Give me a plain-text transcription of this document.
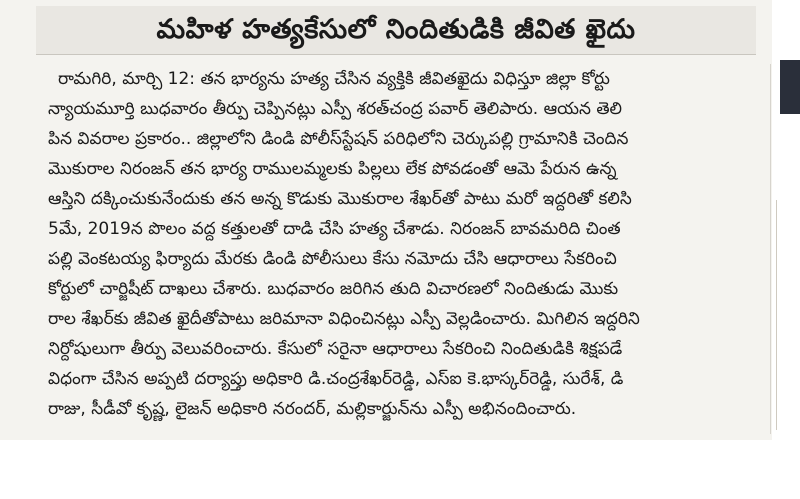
మహిళ హత్యకేసులో నిందితుడికి జీవిత ఖైదు
రామగిరి, మార్చి 12: తన భార్యను హత్య చేసిన వ్యక్తికి జీవితఖైదు విధిస్తూ జిల్లా కోర్టు
న్యాయమూర్తి బుధవారం తీర్పు చెప్పినట్లు ఎస్పీ శరత్‌చంద్ర పవార్ తెలిపారు. ఆయన తెలి
పిన వివరాల ప్రకారం.. జిల్లాలోని డిండి పోలీస్‌స్టేషన్ పరిధిలోని చెర్కుపల్లి గ్రామానికి చెందిన
మొకురాల నిరంజన్ తన భార్య రాములమ్మలకు పిల్లలు లేక పోవడంతో ఆమె పేరున ఉన్న
ఆస్తిని దక్కించుకునేందుకు తన అన్న కొడుకు మొకురాల శేఖర్‌తో పాటు మరో ఇద్దరితో కలిసి
5మే, 2019న పొలం వద్ద కత్తులతో దాడి చేసి హత్య చేశాడు. నిరంజన్ బావమరిది చింత
పల్లి వెంకటయ్య ఫిర్యాదు మేరకు డిండి పోలీసులు కేసు నమోదు చేసి ఆధారాలు సేకరించి
కోర్టులో చార్జిషీట్ దాఖలు చేశారు. బుధవారం జరిగిన తుది విచారణలో నిందితుడు మొకు
రాల శేఖర్‌కు జీవిత ఖైదీతోపాటు జరిమానా విధించినట్లు ఎస్పీ వెల్లడించారు. మిగిలిన ఇద్దరిని
నిర్దోషులుగా తీర్పు వెలువరించారు. కేసులో సరైనా ఆధారాలు సేకరించి నిందితుడికి శిక్షపడే
విధంగా చేసిన అప్పటి దర్యాప్తు అధికారి డి.చంద్రశేఖర్‌రెడ్డి, ఎస్ఐ కె.భాస్కర్‌రెడ్డి, సురేశ్, డి
రాజు, సీడీవో కృష్ణ, లైజన్ అధికారి నరందర్, మల్లికార్జున్‌ను ఎస్పీ అభినందించారు.
